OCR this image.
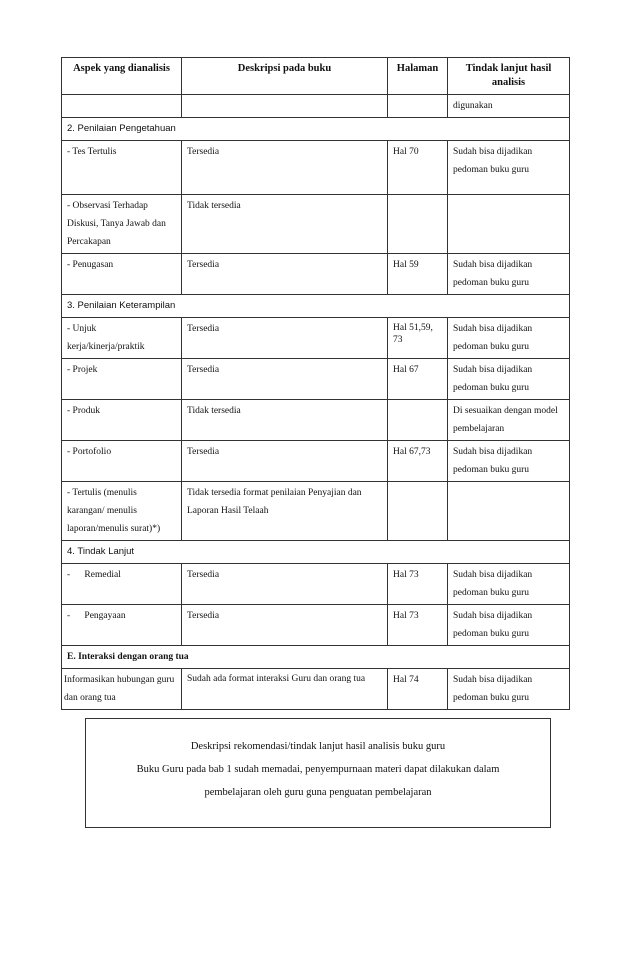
Aspek yang dianalisis	Deskripsi pada buku	Halaman	Tindak lanjut hasil analisis
			digunakan
2. Penilaian Pengetahuan			
- Tes Tertulis	Tersedia	Hal 70	Sudah bisa dijadikan pedoman buku guru
- Observasi Terhadap Diskusi, Tanya Jawab dan Percakapan	Tidak tersedia		
- Penugasan	Tersedia	Hal 59	Sudah bisa dijadikan pedoman buku guru
3. Penilaian Keterampilan			
- Unjuk kerja/kinerja/praktik	Tersedia	Hal 51,59, 73	Sudah bisa dijadikan pedoman buku guru
- Projek	Tersedia	Hal 67	Sudah bisa dijadikan pedoman buku guru
- Produk	Tidak tersedia		Di sesuaikan dengan model pembelajaran
- Portofolio	Tersedia	Hal 67,73	Sudah bisa dijadikan pedoman buku guru
- Tertulis (menulis karangan/ menulis laporan/menulis surat)*)	Tidak tersedia format penilaian Penyajian dan Laporan Hasil Telaah		
4. Tindak Lanjut			
-      Remedial	Tersedia	Hal 73	Sudah bisa dijadikan pedoman buku guru
-      Pengayaan	Tersedia	Hal 73	Sudah bisa dijadikan pedoman buku guru
E. Interaksi dengan orang tua			
Informasikan hubungan guru dan orang tua	Sudah ada format interaksi Guru dan orang tua	Hal 74	Sudah bisa dijadikan pedoman buku guru
Deskripsi rekomendasi/tindak lanjut hasil analisis buku guru
Buku Guru pada bab 1 sudah memadai, penyempurnaan materi dapat dilakukan dalam
pembelajaran oleh guru guna penguatan pembelajaran
